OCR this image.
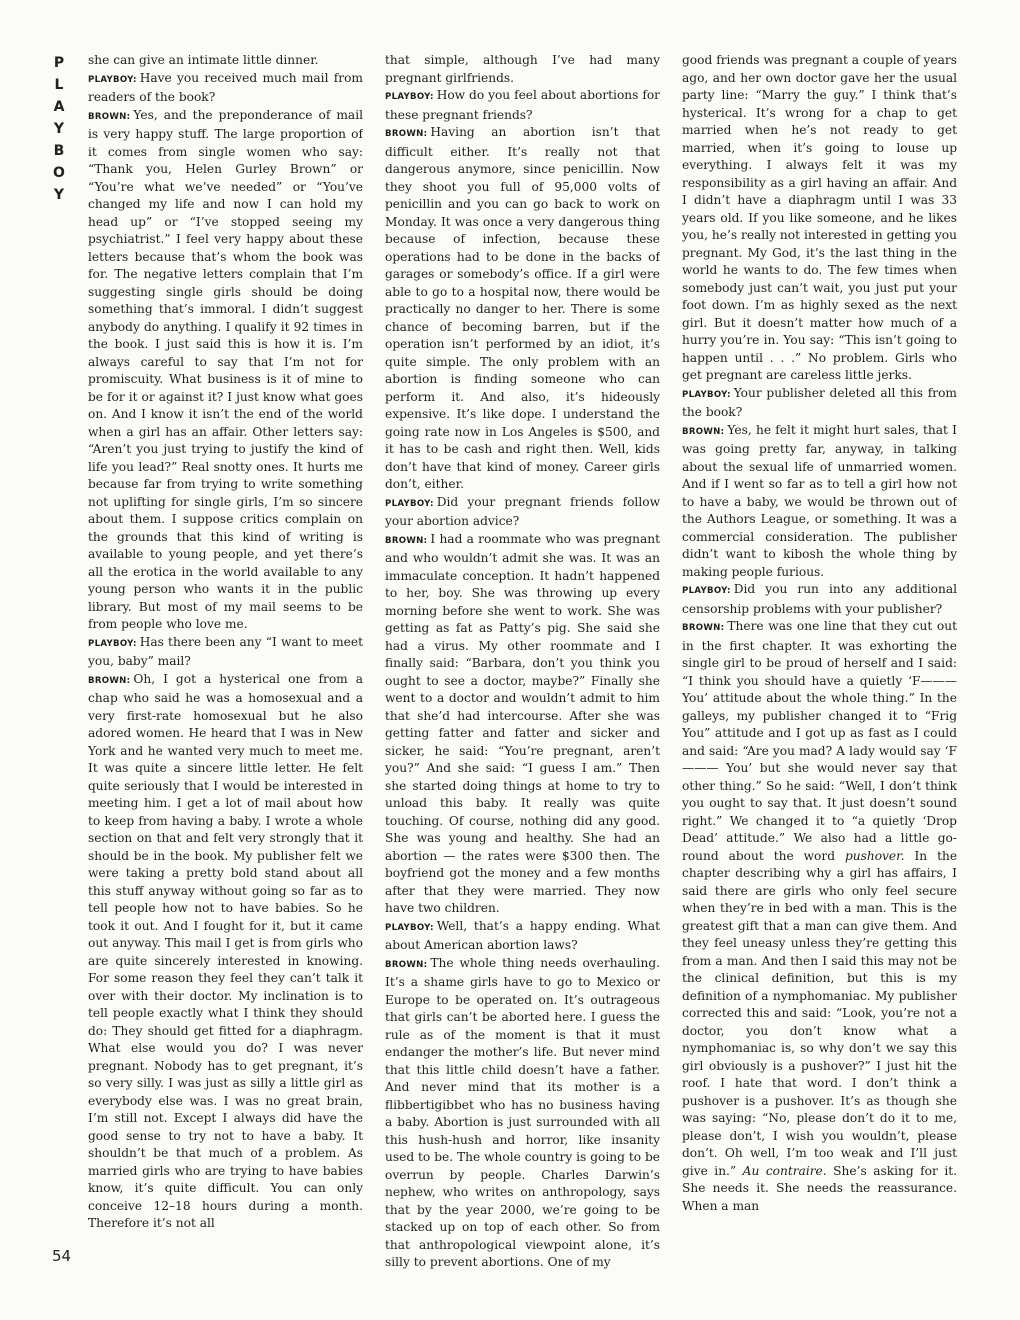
P
L
A
Y
B
O
Y
54

she can give an intimate little dinner.

PLAYBOY: Have you received much mail from readers of the book?

BROWN: Yes, and the preponderance of mail is very happy stuff. The large proportion of it comes from single women who say: “Thank you, Helen Gurley Brown” or “You’re what we’ve needed” or “You’ve changed my life and now I can hold my head up” or “I’ve stopped seeing my psychiatrist.” I feel very happy about these letters because that’s whom the book was for. The negative letters complain that I’m suggesting single girls should be doing something that’s immoral. I didn’t suggest anybody do anything. I qualify it 92 times in the book. I just said this is how it is. I’m always careful to say that I’m not for promiscuity. What business is it of mine to be for it or against it? I just know what goes on. And I know it isn’t the end of the world when a girl has an affair. Other letters say: “Aren’t you just trying to justify the kind of life you lead?” Real snotty ones. It hurts me because far from trying to write something not uplifting for single girls, I’m so sincere about them. I suppose critics complain on the grounds that this kind of writing is available to young people, and yet there’s all the erotica in the world available to any young person who wants it in the public library. But most of my mail seems to be from people who love me.

PLAYBOY: Has there been any “I want to meet you, baby” mail?

BROWN: Oh, I got a hysterical one from a chap who said he was a homosexual and a very first-rate homosexual but he also adored women. He heard that I was in New York and he wanted very much to meet me. It was quite a sincere little letter. He felt quite seriously that I would be interested in meeting him. I get a lot of mail about how to keep from having a baby. I wrote a whole section on that and felt very strongly that it should be in the book. My publisher felt we were taking a pretty bold stand about all this stuff anyway without going so far as to tell people how not to have babies. So he took it out. And I fought for it, but it came out anyway. This mail I get is from girls who are quite sincerely interested in knowing. For some reason they feel they can’t talk it over with their doctor. My inclination is to tell people exactly what I think they should do: They should get fitted for a diaphragm. What else would you do? I was never pregnant. Nobody has to get pregnant, it’s so very silly. I was just as silly a little girl as everybody else was. I was no great brain, I’m still not. Except I always did have the good sense to try not to have a baby. It shouldn’t be that much of a problem. As married girls who are trying to have babies know, it’s quite difficult. You can only conceive 12–18 hours during a month. Therefore it’s not all

that simple, although I’ve had many pregnant girlfriends.

PLAYBOY: How do you feel about abortions for these pregnant friends?

BROWN: Having an abortion isn’t that difficult either. It’s really not that dangerous anymore, since penicillin. Now they shoot you full of 95,000 volts of penicillin and you can go back to work on Monday. It was once a very dangerous thing because of infection, because these operations had to be done in the backs of garages or somebody’s office. If a girl were able to go to a hospital now, there would be practically no danger to her. There is some chance of becoming barren, but if the operation isn’t performed by an idiot, it’s quite simple. The only problem with an abortion is finding someone who can perform it. And also, it’s hideously expensive. It’s like dope. I understand the going rate now in Los Angeles is $500, and it has to be cash and right then. Well, kids don’t have that kind of money. Career girls don’t, either.

PLAYBOY: Did your pregnant friends follow your abortion advice?

BROWN: I had a roommate who was pregnant and who wouldn’t admit she was. It was an immaculate conception. It hadn’t happened to her, boy. She was throwing up every morning before she went to work. She was getting as fat as Patty’s pig. She said she had a virus. My other roommate and I finally said: “Barbara, don’t you think you ought to see a doctor, maybe?” Finally she went to a doctor and wouldn’t admit to him that she’d had intercourse. After she was getting fatter and fatter and sicker and sicker, he said: “You’re pregnant, aren’t you?” And she said: “I guess I am.” Then she started doing things at home to try to unload this baby. It really was quite touching. Of course, nothing did any good. She was young and healthy. She had an abortion — the rates were $300 then. The boyfriend got the money and a few months after that they were married. They now have two children.

PLAYBOY: Well, that’s a happy ending. What about American abortion laws?

BROWN: The whole thing needs overhauling. It’s a shame girls have to go to Mexico or Europe to be operated on. It’s outrageous that girls can’t be aborted here. I guess the rule as of the moment is that it must endanger the mother’s life. But never mind that this little child doesn’t have a father. And never mind that its mother is a flibbertigibbet who has no business having a baby. Abortion is just surrounded with all this hush-hush and horror, like insanity used to be. The whole country is going to be overrun by people. Charles Darwin’s nephew, who writes on anthropology, says that by the year 2000, we’re going to be stacked up on top of each other. So from that anthropological viewpoint alone, it’s silly to prevent abortions. One of my

good friends was pregnant a couple of years ago, and her own doctor gave her the usual party line: “Marry the guy.” I think that’s hysterical. It’s wrong for a chap to get married when he’s not ready to get married, when it’s going to louse up everything. I always felt it was my responsibility as a girl having an affair. And I didn’t have a diaphragm until I was 33 years old. If you like someone, and he likes you, he’s really not interested in getting you pregnant. My God, it’s the last thing in the world he wants to do. The few times when somebody just can’t wait, you just put your foot down. I’m as highly sexed as the next girl. But it doesn’t matter how much of a hurry you’re in. You say: “This isn’t going to happen until . . .” No problem. Girls who get pregnant are careless little jerks.

PLAYBOY: Your publisher deleted all this from the book?

BROWN: Yes, he felt it might hurt sales, that I was going pretty far, anyway, in talking about the sexual life of unmarried women. And if I went so far as to tell a girl how not to have a baby, we would be thrown out of the Authors League, or something. It was a commercial consideration. The publisher didn’t want to kibosh the whole thing by making people furious.

PLAYBOY: Did you run into any additional censorship problems with your publisher?

BROWN: There was one line that they cut out in the first chapter. It was exhorting the single girl to be proud of herself and I said: “I think you should have a quietly ‘F——— You’ attitude about the whole thing.” In the galleys, my publisher changed it to “Frig You” attitude and I got up as fast as I could and said: “Are you mad? A lady would say ‘F——— You’ but she would never say that other thing.” So he said: “Well, I don’t think you ought to say that. It just doesn’t sound right.” We changed it to “a quietly ‘Drop Dead’ attitude.” We also had a little go-round about the word pushover. In the chapter describing why a girl has affairs, I said there are girls who only feel secure when they’re in bed with a man. This is the greatest gift that a man can give them. And they feel uneasy unless they’re getting this from a man. And then I said this may not be the clinical definition, but this is my definition of a nymphomaniac. My publisher corrected this and said: “Look, you’re not a doctor, you don’t know what a nymphomaniac is, so why don’t we say this girl obviously is a pushover?” I just hit the roof. I hate that word. I don’t think a pushover is a pushover. It’s as though she was saying: “No, please don’t do it to me, please don’t, I wish you wouldn’t, please don’t. Oh well, I’m too weak and I’ll just give in.” Au contraire. She’s asking for it. She needs it. She needs the reassurance. When a man
